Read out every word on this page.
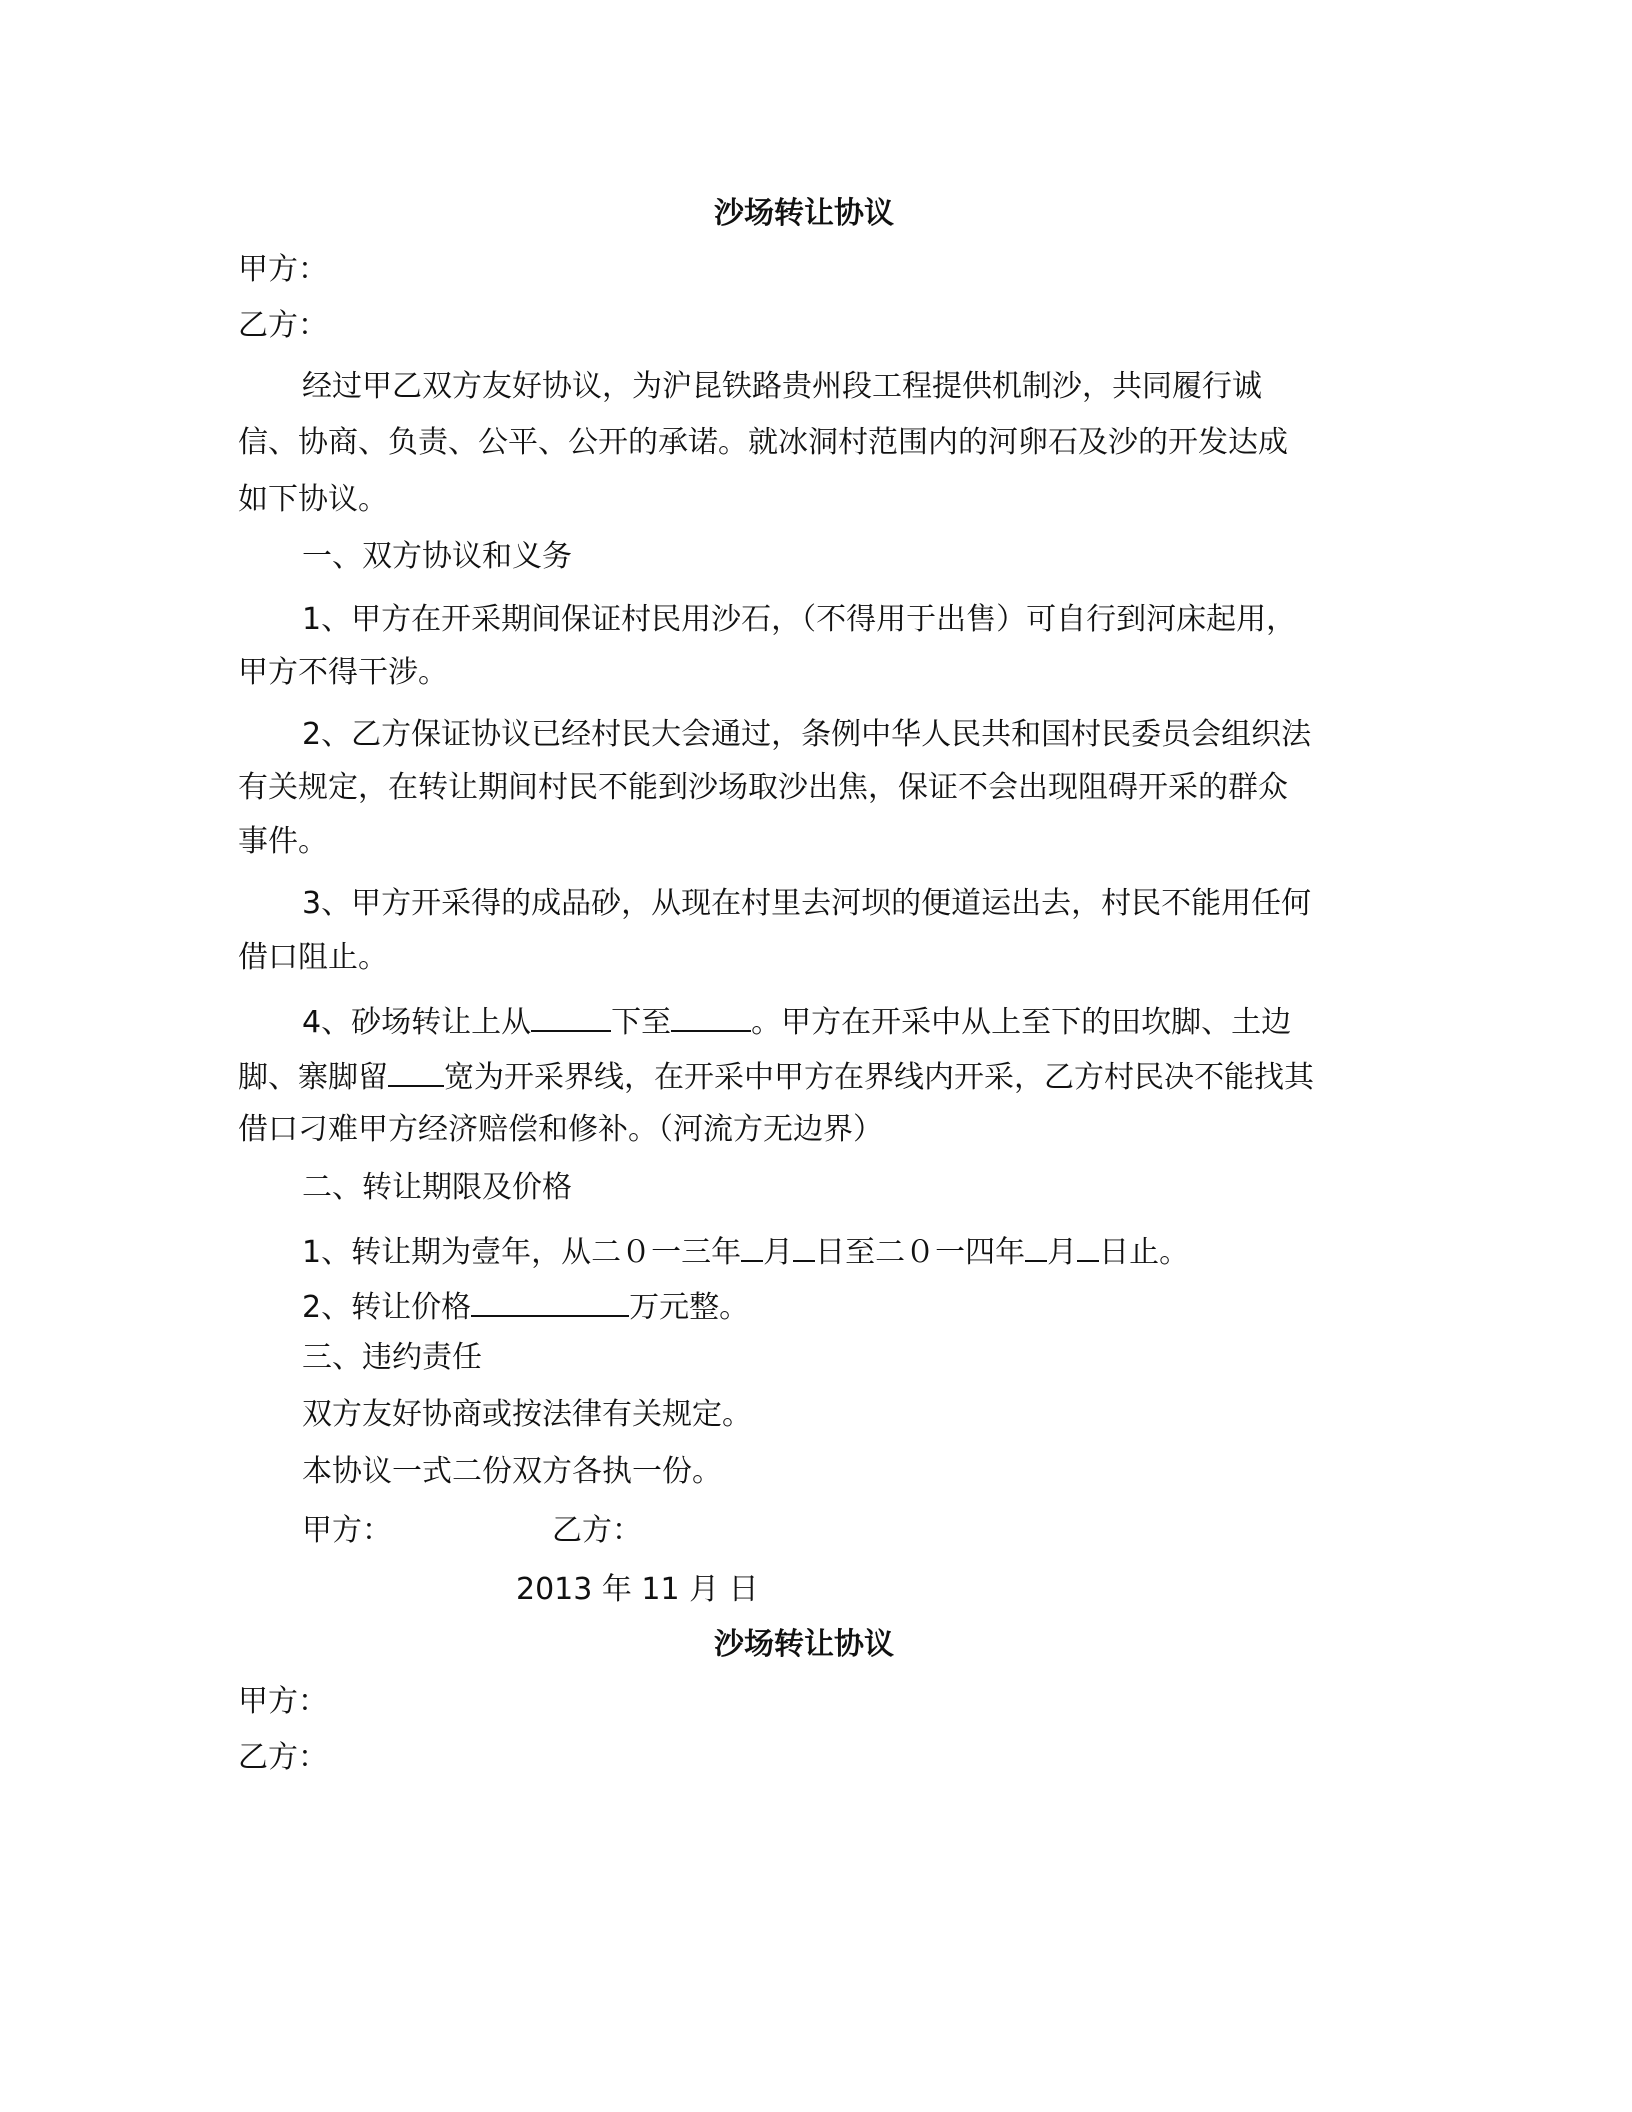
沙场转让协议
甲方：
乙方：
经过甲乙双方友好协议，为沪昆铁路贵州段工程提供机制沙，共同履行诚
信、协商、负责、公平、公开的承诺。就冰洞村范围内的河卵石及沙的开发达成
如下协议。
一、双方协议和义务
1、甲方在开采期间保证村民用沙石，（不得用于出售）可自行到河床起用，
甲方不得干涉。
2、乙方保证协议已经村民大会通过，条例中华人民共和国村民委员会组织法
有关规定，在转让期间村民不能到沙场取沙出焦，保证不会出现阻碍开采的群众
事件。
3、甲方开采得的成品砂，从现在村里去河坝的便道运出去，村民不能用任何
借口阻止。
4、砂场转让上从	下至	。甲方在开采中从上至下的田坎脚、土边
脚、寨脚留 宽为开采界线，在开采中甲方在界线内开采，乙方村民决不能找其
借口刁难甲方经济赔偿和修补。（河流方无边界）
二、转让期限及价格
1、转让期为壹年，从二０一三年 月 日至二０一四年 月 日止。
2、转让价格	万元整。
三、违约责任
双方友好协商或按法律有关规定。
本协议一式二份双方各执一份。
甲方：	乙方：
2013 年 11 月 日
沙场转让协议
甲方：
乙方：
